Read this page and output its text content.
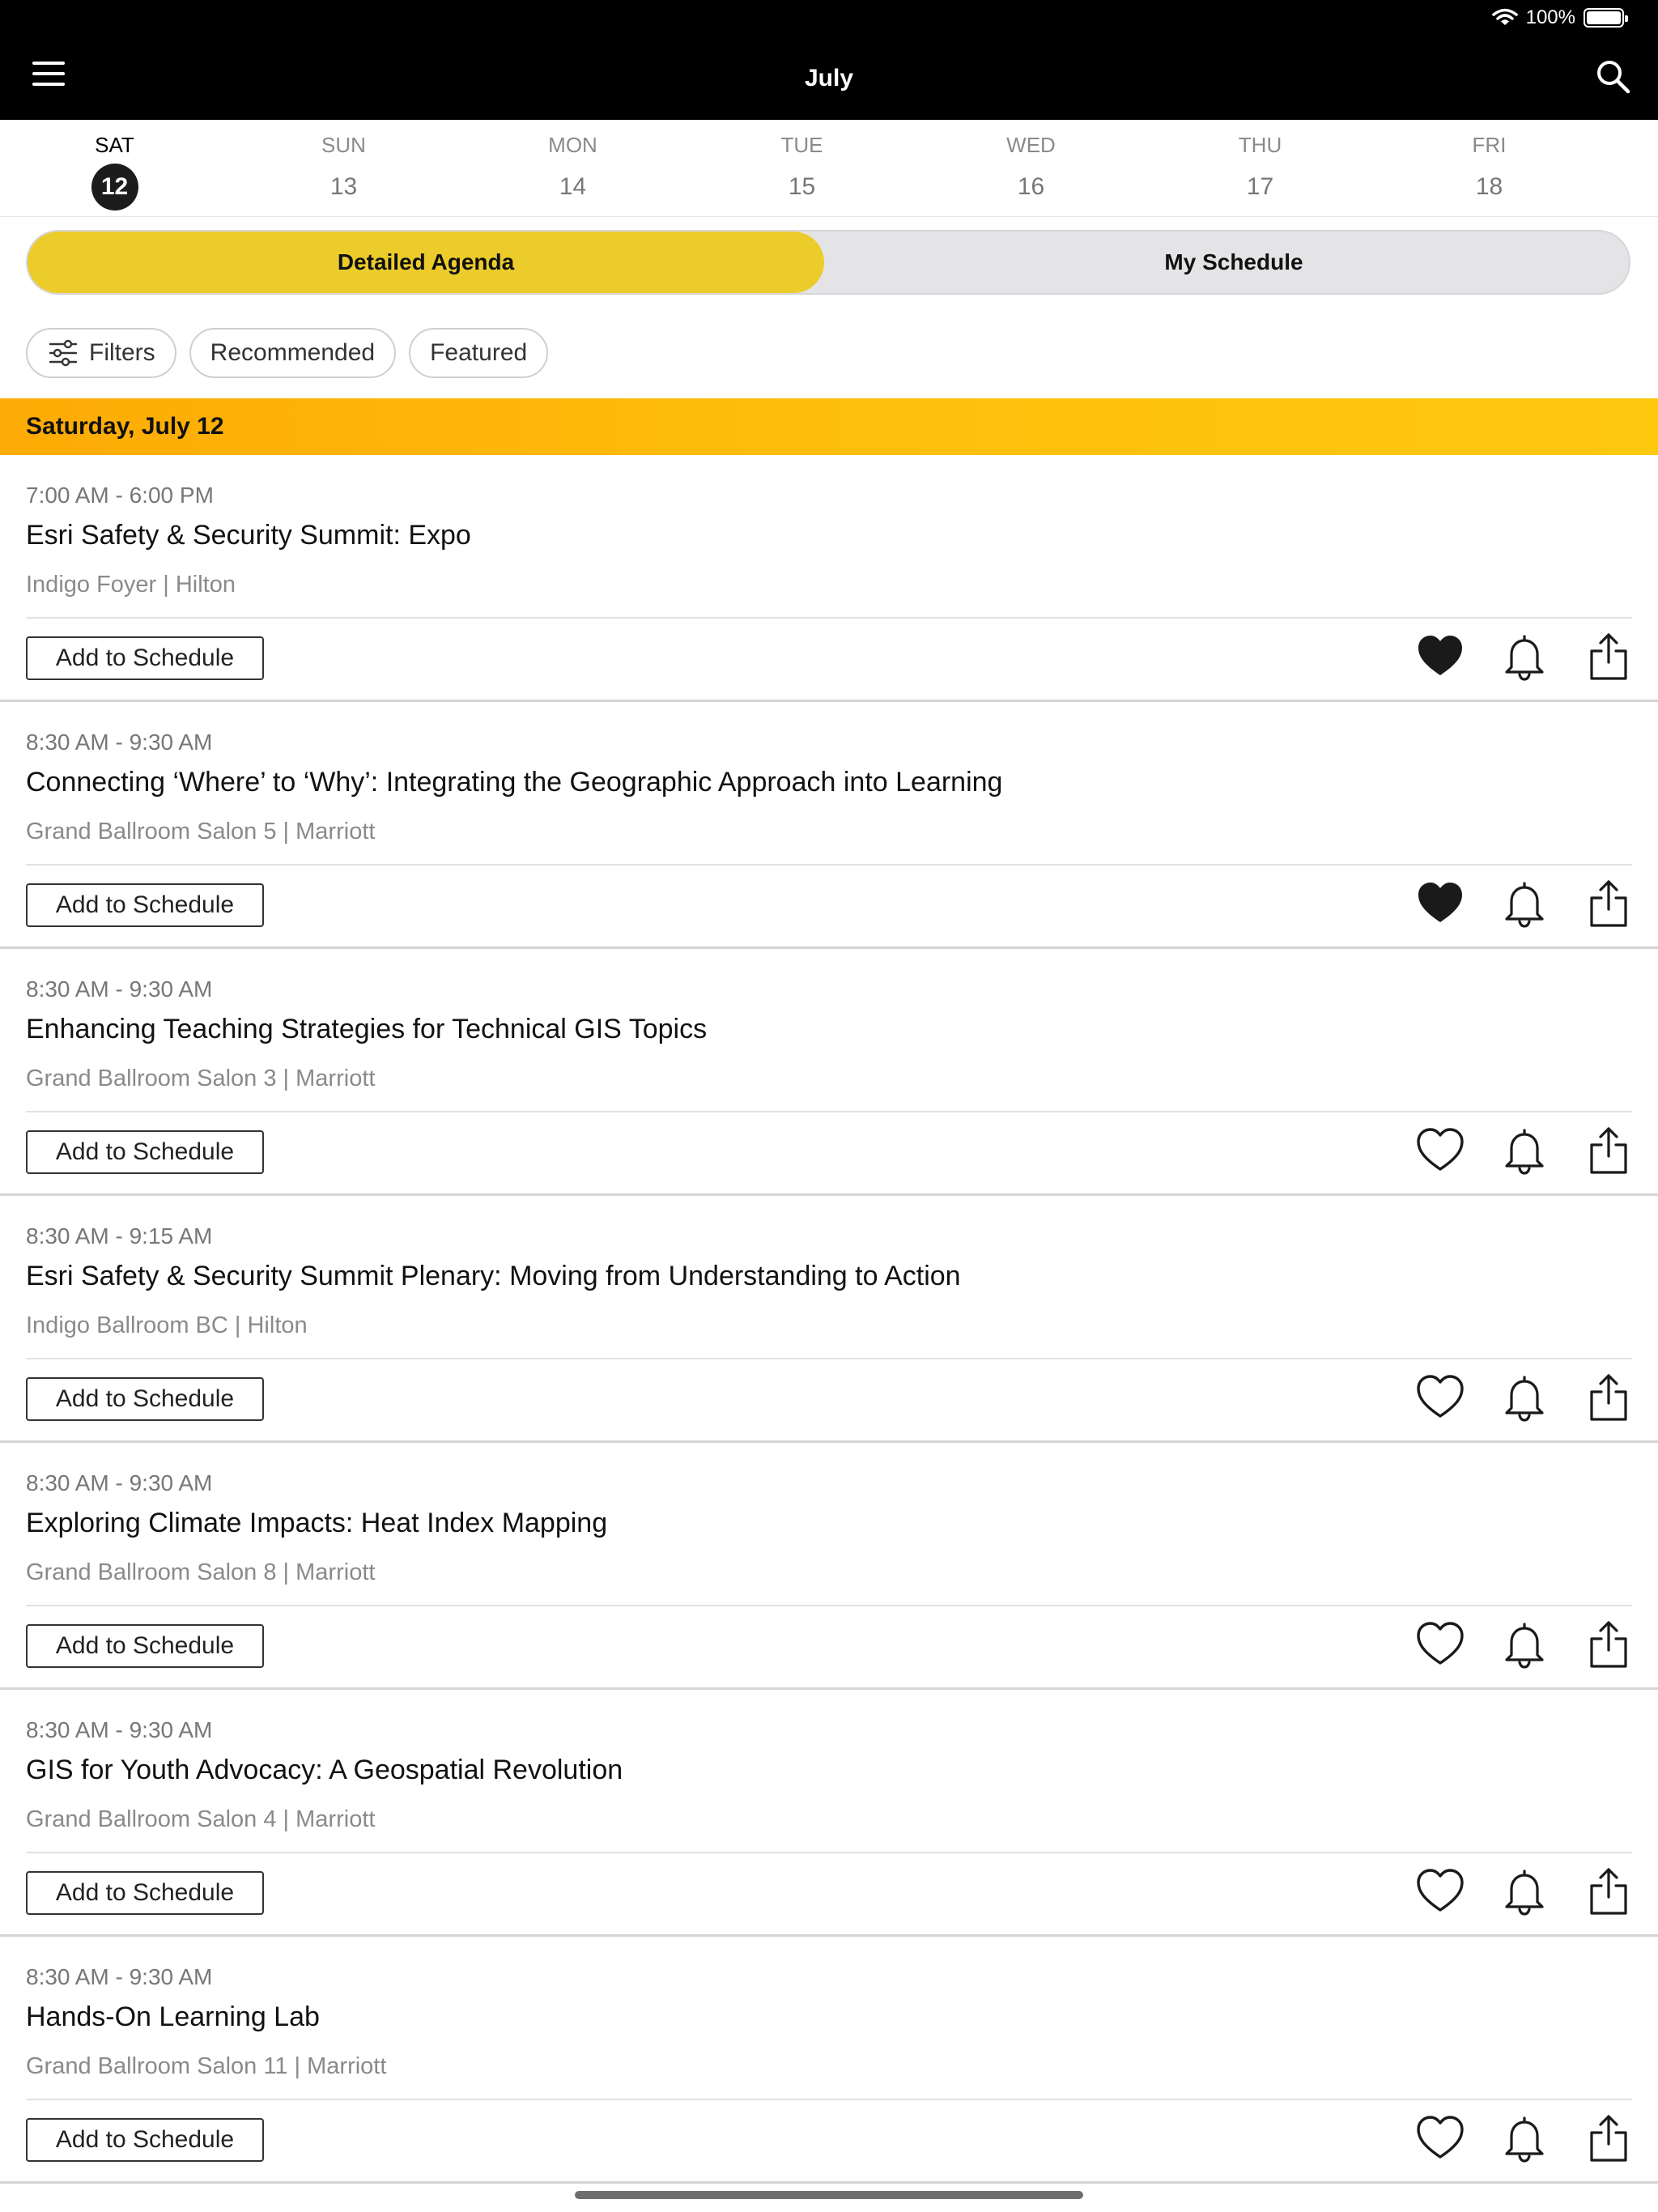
100%
July
SAT
12
SUN
13
MON
14
TUE
15
WED
16
THU
17
FRI
18
Detailed Agenda	My Schedule
Filters Recommended Featured
Saturday, July 12
7:00 AM - 6:00 PM
Esri Safety & Security Summit: Expo
Indigo Foyer | Hilton
Add to Schedule
8:30 AM - 9:30 AM
Connecting ‘Where’ to ‘Why’: Integrating the Geographic Approach into Learning
Grand Ballroom Salon 5 | Marriott
Add to Schedule
8:30 AM - 9:30 AM
Enhancing Teaching Strategies for Technical GIS Topics
Grand Ballroom Salon 3 | Marriott
Add to Schedule
8:30 AM - 9:15 AM
Esri Safety & Security Summit Plenary: Moving from Understanding to Action
Indigo Ballroom BC | Hilton
Add to Schedule
8:30 AM - 9:30 AM
Exploring Climate Impacts: Heat Index Mapping
Grand Ballroom Salon 8 | Marriott
Add to Schedule
8:30 AM - 9:30 AM
GIS for Youth Advocacy: A Geospatial Revolution
Grand Ballroom Salon 4 | Marriott
Add to Schedule
8:30 AM - 9:30 AM
Hands-On Learning Lab
Grand Ballroom Salon 11 | Marriott
Add to Schedule
